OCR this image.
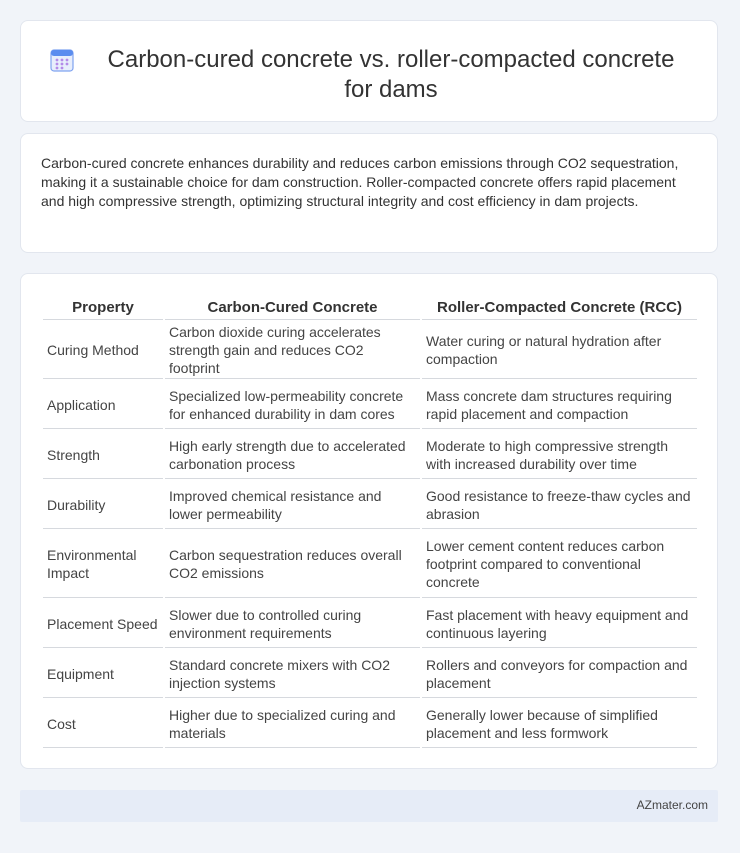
Carbon-cured concrete vs. roller-compacted concrete for dams

Carbon-cured concrete enhances durability and reduces carbon emissions through CO2 sequestration, making it a sustainable choice for dam construction. Roller-compacted concrete offers rapid placement and high compressive strength, optimizing structural integrity and cost efficiency in dam projects.

Property	Carbon-Cured Concrete	Roller-Compacted Concrete (RCC)
Curing Method	Carbon dioxide curing accelerates strength gain and reduces CO2 footprint	Water curing or natural hydration after compaction
Application	Specialized low-permeability concrete for enhanced durability in dam cores	Mass concrete dam structures requiring rapid placement and compaction
Strength	High early strength due to accelerated carbonation process	Moderate to high compressive strength with increased durability over time
Durability	Improved chemical resistance and lower permeability	Good resistance to freeze-thaw cycles and abrasion
Environmental Impact	Carbon sequestration reduces overall CO2 emissions	Lower cement content reduces carbon footprint compared to conventional concrete
Placement Speed	Slower due to controlled curing environment requirements	Fast placement with heavy equipment and continuous layering
Equipment	Standard concrete mixers with CO2 injection systems	Rollers and conveyors for compaction and placement
Cost	Higher due to specialized curing and materials	Generally lower because of simplified placement and less formwork
AZmater.com
